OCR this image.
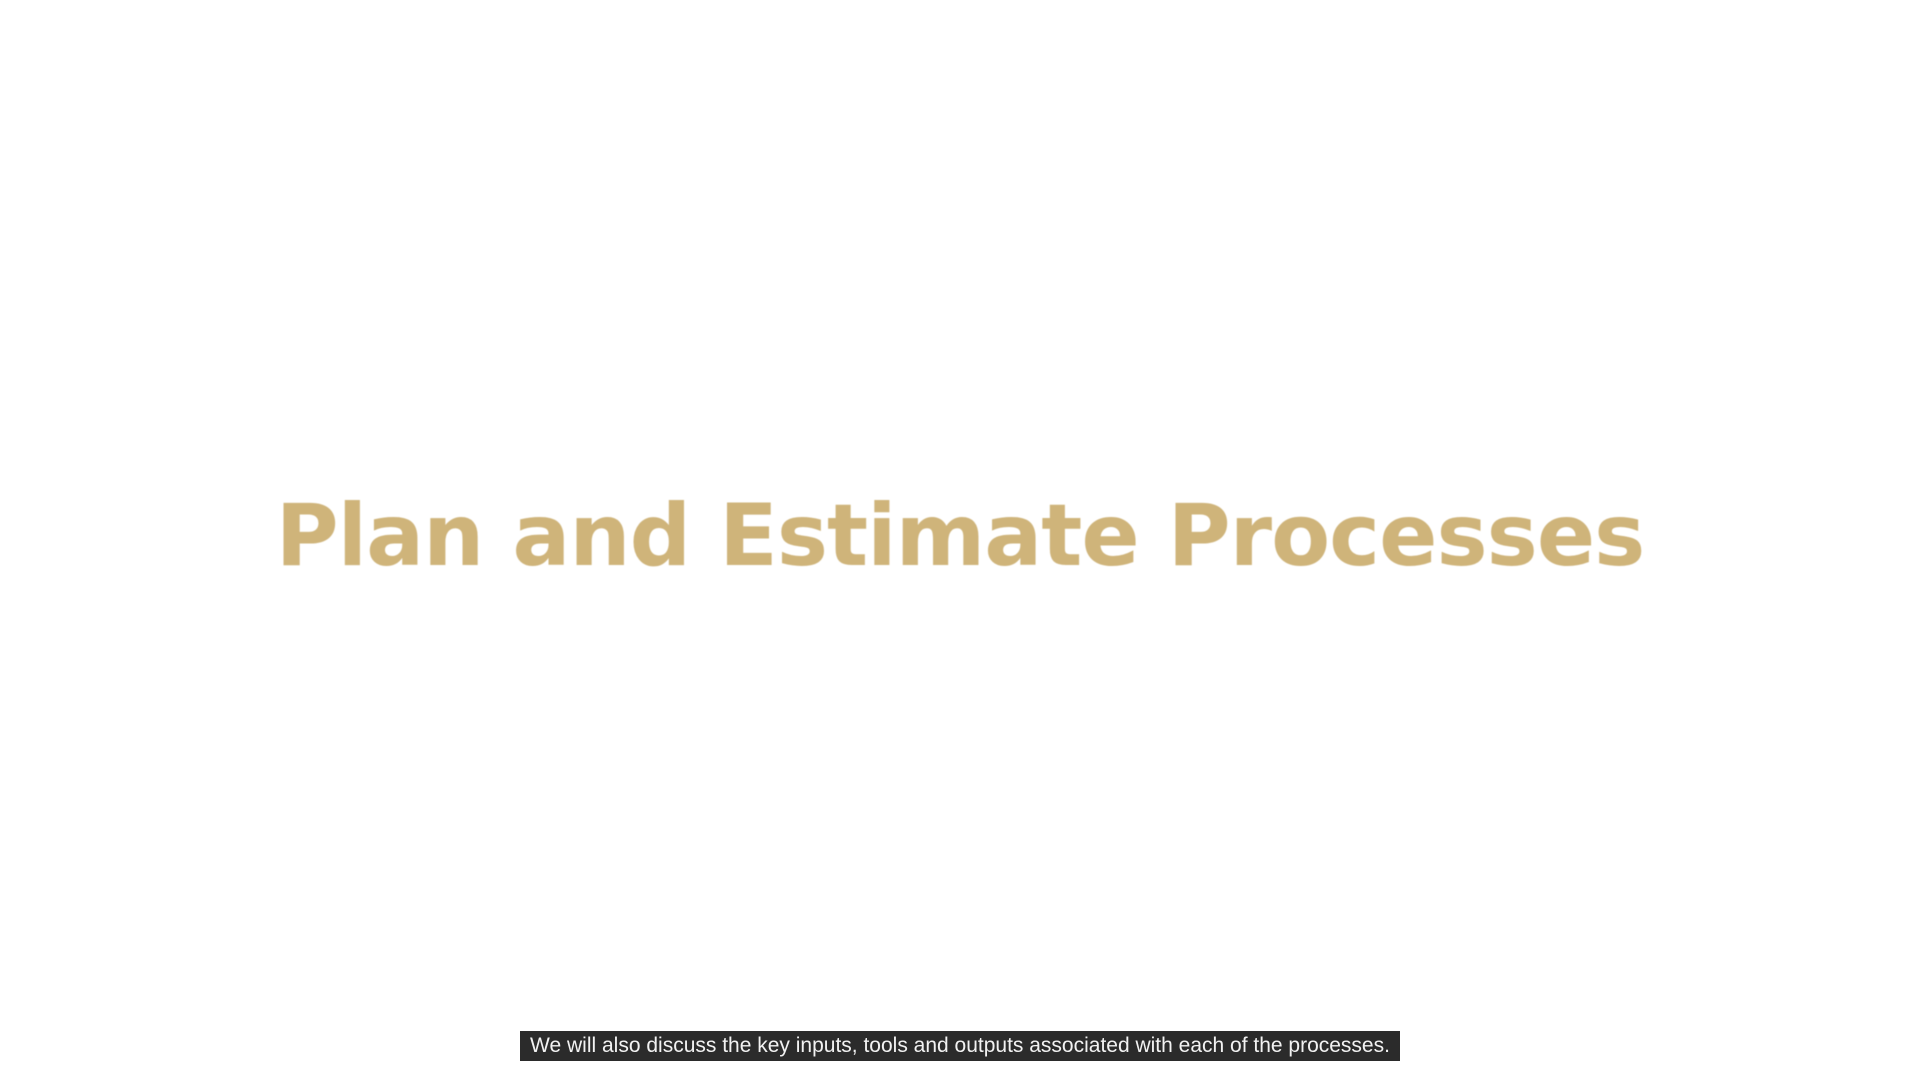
Plan and Estimate Processes
We will also discuss the key inputs, tools and outputs associated with each of the processes.
